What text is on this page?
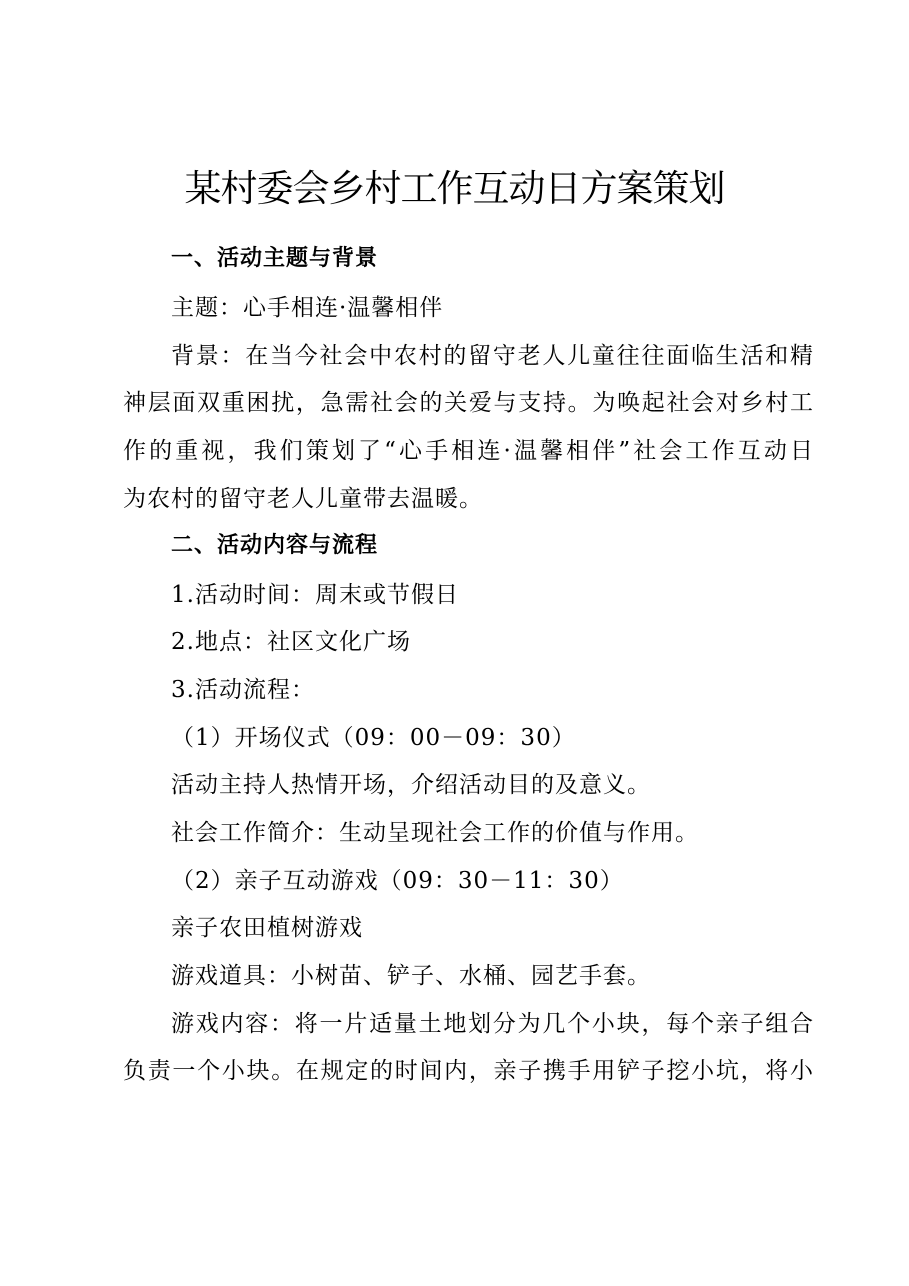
某村委会乡村工作互动日方案策划
一、活动主题与背景
主题：心手相连·温馨相伴
背景：在当今社会中农村的留守老人儿童往往面临生活和精
神层面双重困扰，急需社会的关爱与支持。为唤起社会对乡村工
作的重视，我们策划了“心手相连·温馨相伴”社会工作互动日
为农村的留守老人儿童带去温暖。
二、活动内容与流程
1.活动时间：周末或节假日
2.地点：社区文化广场
3.活动流程：
（1）开场仪式（09：00－09：30）
活动主持人热情开场，介绍活动目的及意义。
社会工作简介：生动呈现社会工作的价值与作用。
（2）亲子互动游戏（09：30－11：30）
亲子农田植树游戏
游戏道具：小树苗、铲子、水桶、园艺手套。
游戏内容：将一片适量土地划分为几个小块，每个亲子组合
负责一个小块。在规定的时间内，亲子携手用铲子挖小坑，将小
